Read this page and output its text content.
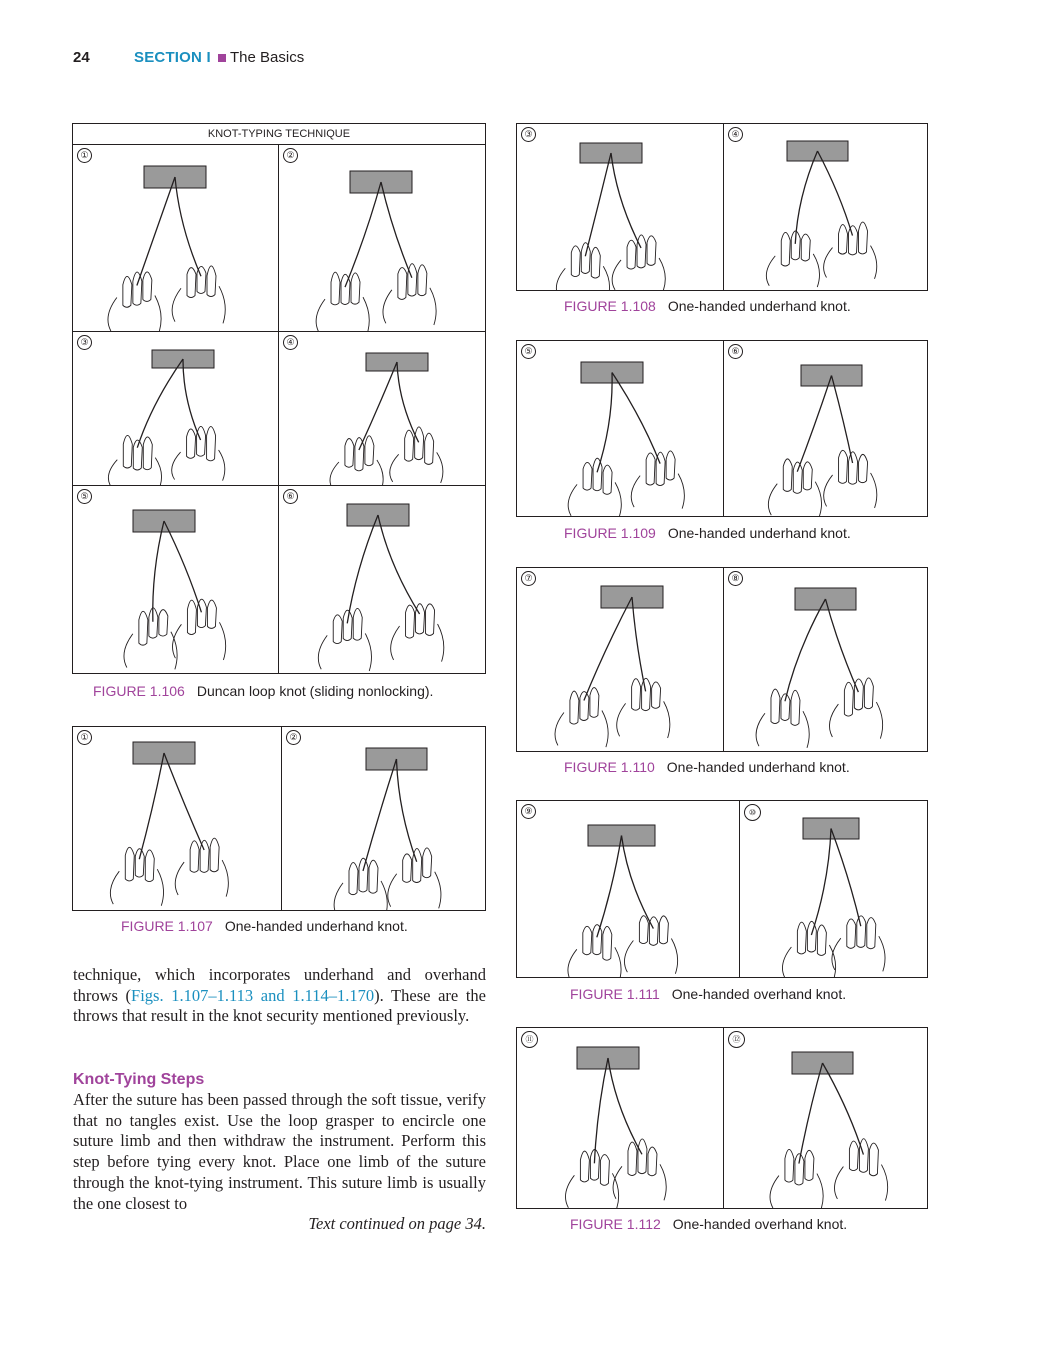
24	SECTION I The Basics
KNOT-TYPING TECHNIQUE
①	②
③	④
⑤	⑥
FIGURE 1.106 Duncan loop knot (sliding nonlocking).
①	②
FIGURE 1.107 One-handed underhand knot.
technique, which incorporates underhand and overhand throws (Figs. 1.107–1.113 and 1.114–1.170). These are the throws that result in the knot security mentioned previously.
Knot-Tying Steps
After the suture has been passed through the soft tissue, verify that no tangles exist. Use the loop grasper to encircle one suture limb and then withdraw the instrument. Perform this step before tying every knot. Place one limb of the suture through the knot-tying instrument. This suture limb is usually the one closest to
Text continued on page 34.
③	④
FIGURE 1.108 One-handed underhand knot.
⑤	⑥
FIGURE 1.109 One-handed underhand knot.
⑦	⑧
FIGURE 1.110 One-handed underhand knot.
⑨	⑩
FIGURE 1.111 One-handed overhand knot.
⑪	⑫
FIGURE 1.112 One-handed overhand knot.
